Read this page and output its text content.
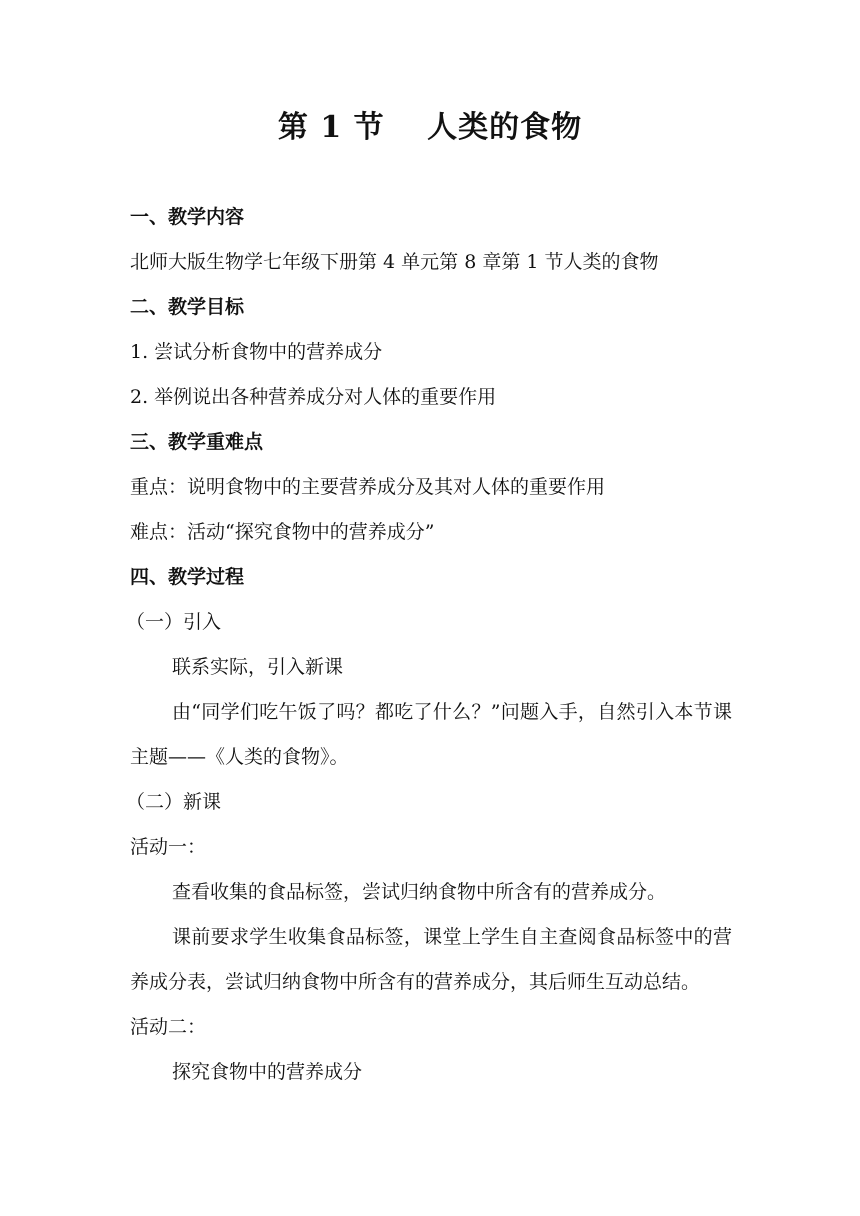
第 1 节　 人类的食物
一、教学内容
北师大版生物学七年级下册第 4 单元第 8 章第 1 节人类的食物
二、教学目标
1. 尝试分析食物中的营养成分
2. 举例说出各种营养成分对人体的重要作用
三、教学重难点
重点：说明食物中的主要营养成分及其对人体的重要作用
难点：活动“探究食物中的营养成分”
四、教学过程
（一）引入
联系实际，引入新课
由“同学们吃午饭了吗？都吃了什么？”问题入手，自然引入本节课主题——《人类的食物》。
（二）新课
活动一：
查看收集的食品标签，尝试归纳食物中所含有的营养成分。
课前要求学生收集食品标签，课堂上学生自主查阅食品标签中的营养成分表，尝试归纳食物中所含有的营养成分，其后师生互动总结。
活动二：
探究食物中的营养成分
